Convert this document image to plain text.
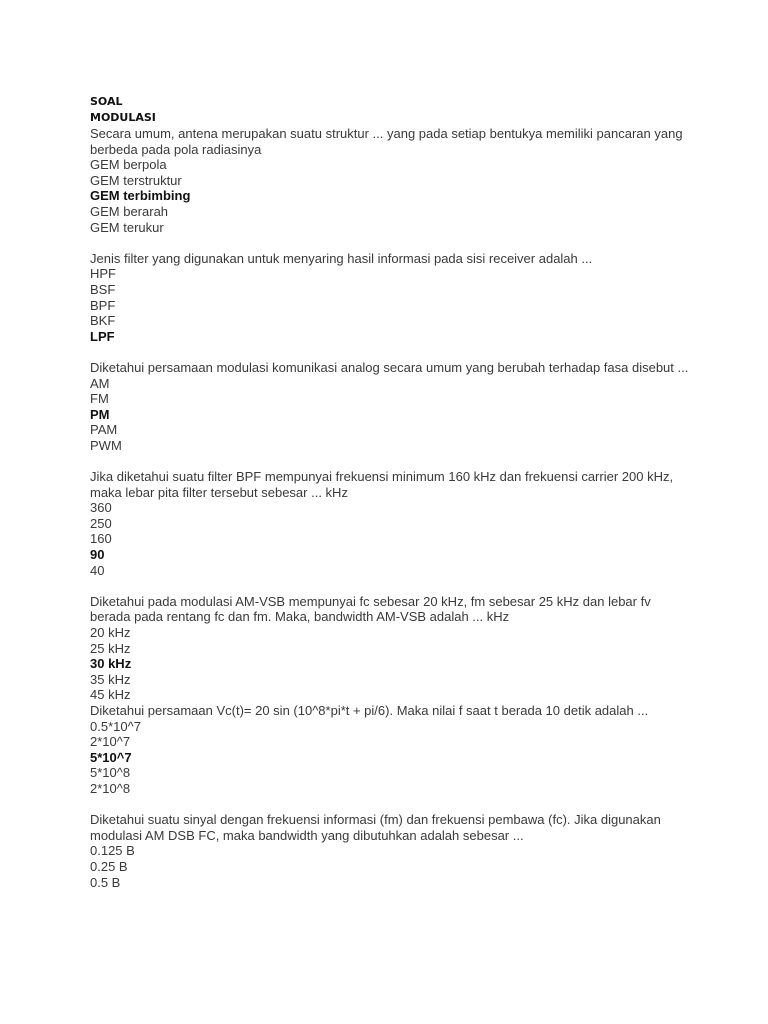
SOAL
MODULASI

Secara umum, antena merupakan suatu struktur ... yang pada setiap bentukya memiliki pancaran yang berbeda pada pola radiasinya

GEM berpola
GEM terstruktur
GEM terbimbing
GEM berarah
GEM terukur

Jenis filter yang digunakan untuk menyaring hasil informasi pada sisi receiver adalah ...

HPF
BSF
BPF
BKF
LPF

Diketahui persamaan modulasi komunikasi analog secara umum yang berubah terhadap fasa disebut ...

AM
FM
PM
PAM
PWM

Jika diketahui suatu filter BPF mempunyai frekuensi minimum 160 kHz dan frekuensi carrier 200 kHz, maka lebar pita filter tersebut sebesar ... kHz

360
250
160
90
40

Diketahui pada modulasi AM-VSB mempunyai fc sebesar 20 kHz, fm sebesar 25 kHz dan lebar fv berada pada rentang fc dan fm. Maka, bandwidth AM-VSB adalah ... kHz

20 kHz
25 kHz
30 kHz
35 kHz
45 kHz

Diketahui persamaan Vc(t)= 20 sin (10^8*pi*t + pi/6). Maka nilai f saat t berada 10 detik adalah ...

0.5*10^7
2*10^7
5*10^7
5*10^8
2*10^8

Diketahui suatu sinyal dengan frekuensi informasi (fm) dan frekuensi pembawa (fc). Jika digunakan modulasi AM DSB FC, maka bandwidth yang dibutuhkan adalah sebesar ...

0.125 B
0.25 B
0.5 B
